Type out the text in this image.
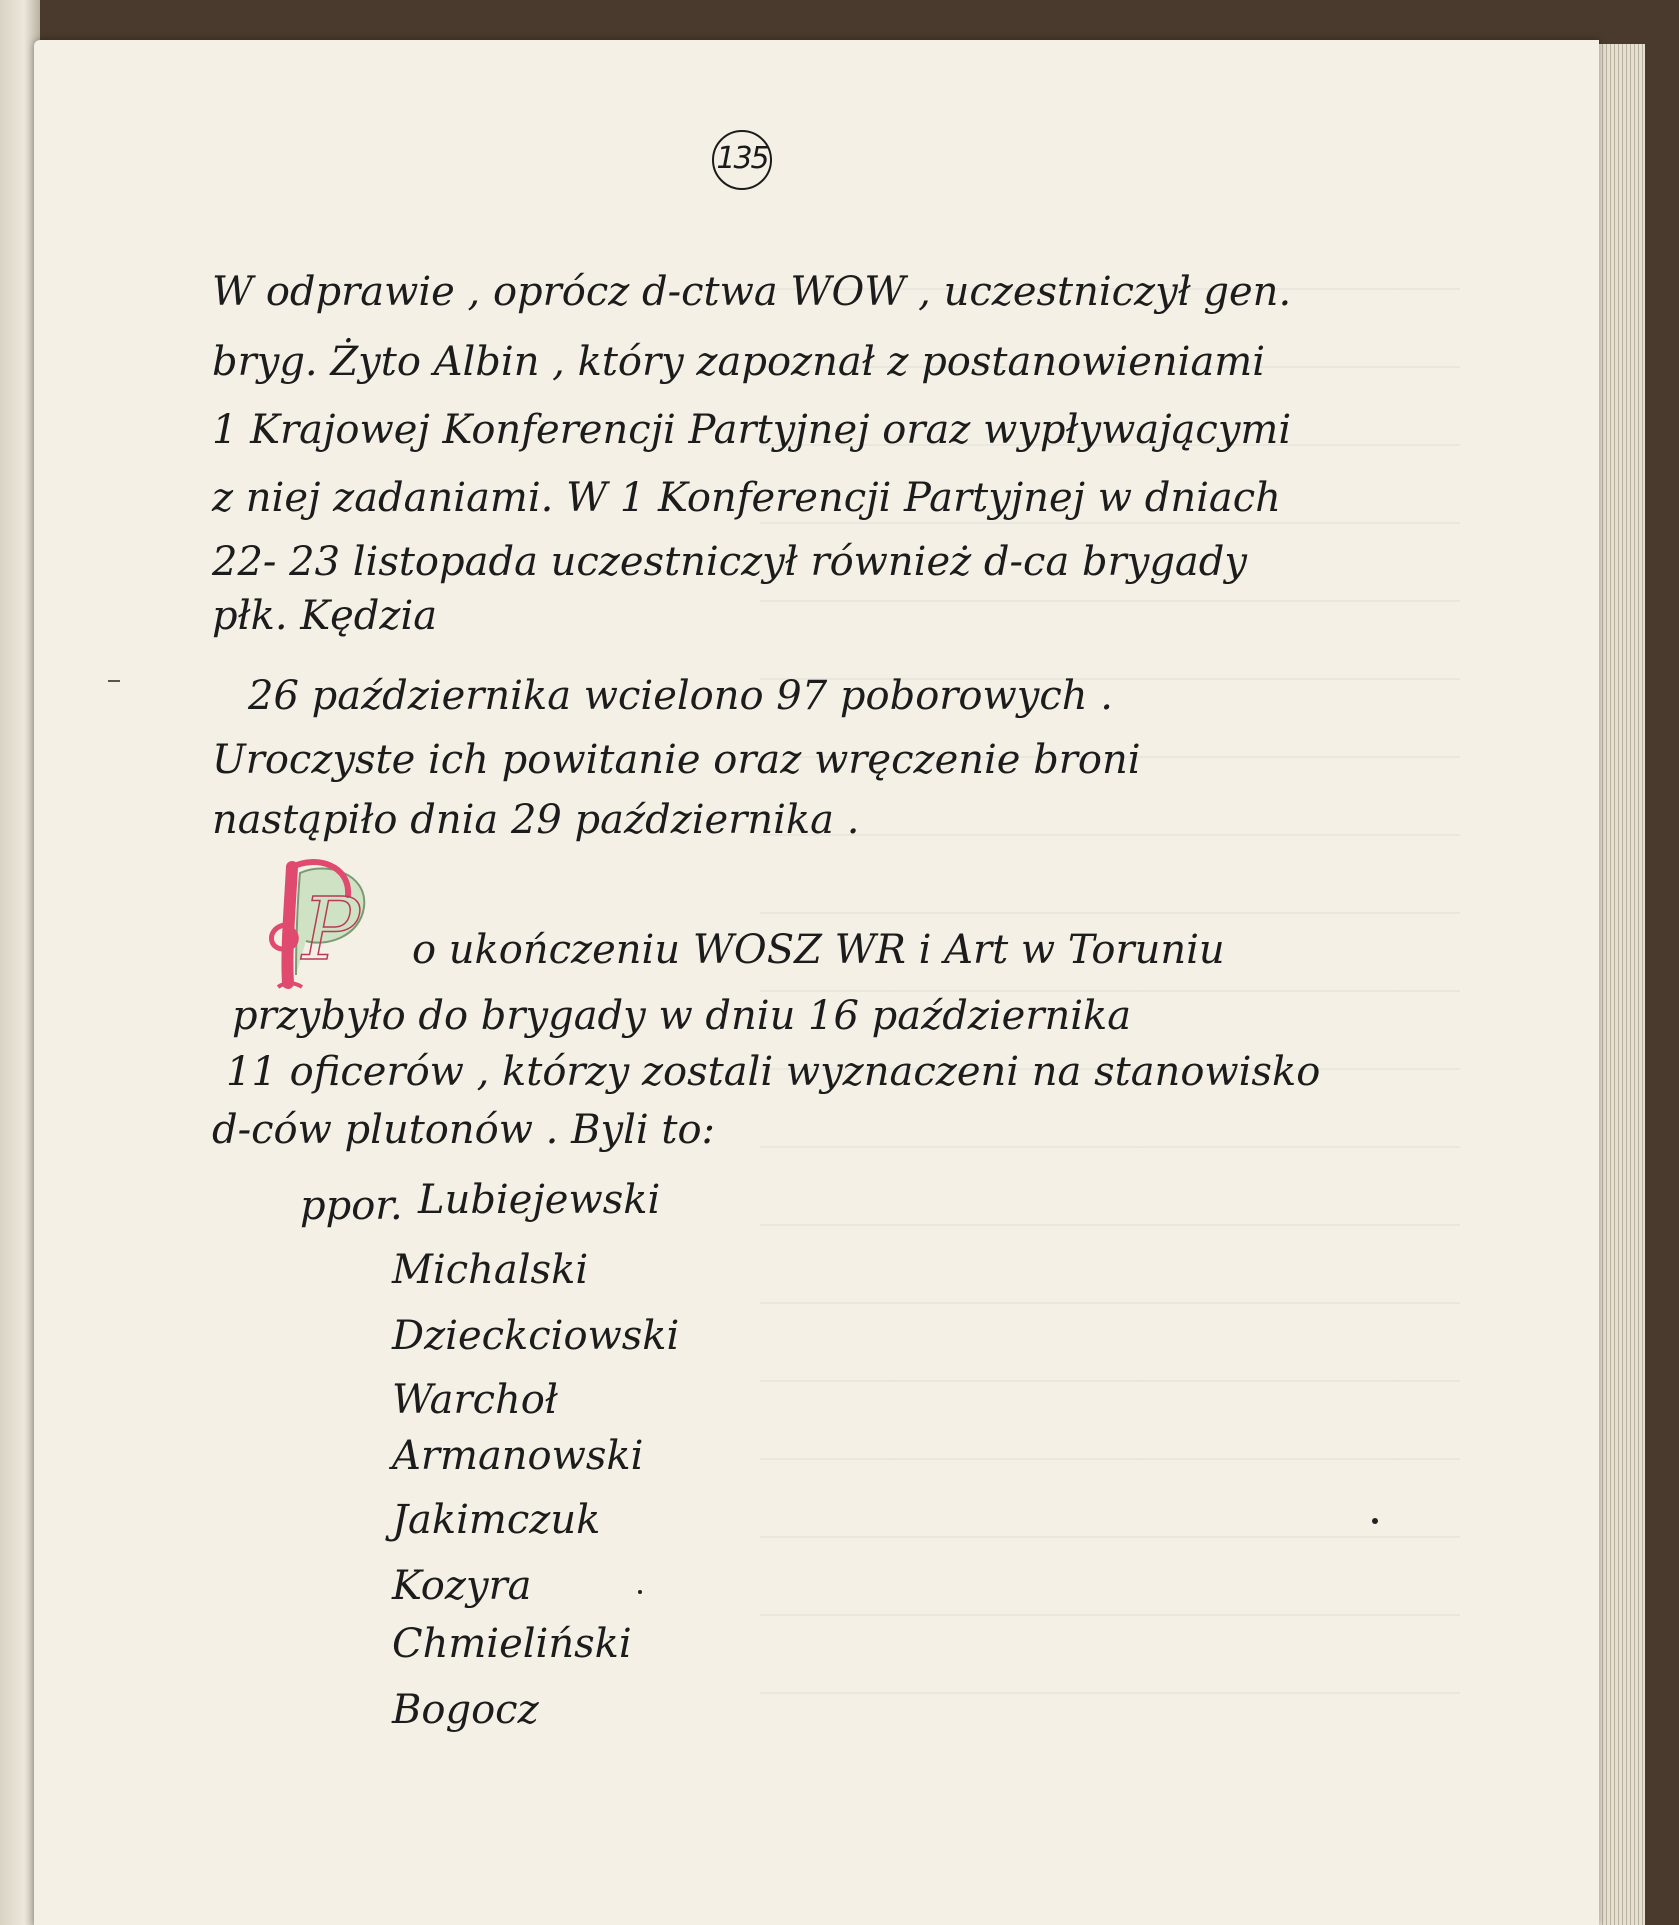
135
W odprawie , oprócz d-ctwa WOW , uczestniczył gen.
bryg. Żyto Albin , który zapoznał z postanowieniami
1 Krajowej Konferencji Partyjnej oraz wypływającymi
z niej zadaniami. W 1 Konferencji Partyjnej w dniach
22- 23 listopada uczestniczył również d-ca brygady
płk. Kędzia
26 października wcielono 97 poborowych .
Uroczyste ich powitanie oraz wręczenie broni
nastąpiło dnia 29 października .
P o ukończeniu WOSZ WR i Art w Toruniu
przybyło do brygady w dniu 16 października
11 oficerów , którzy zostali wyznaczeni na stanowisko
d-ców plutonów . Byli to:
ppor. Lubiejewski
Michalski
Dzieckciowski
Warchoł
Armanowski
Jakimczuk
Kozyra
Chmieliński
Bogocz
